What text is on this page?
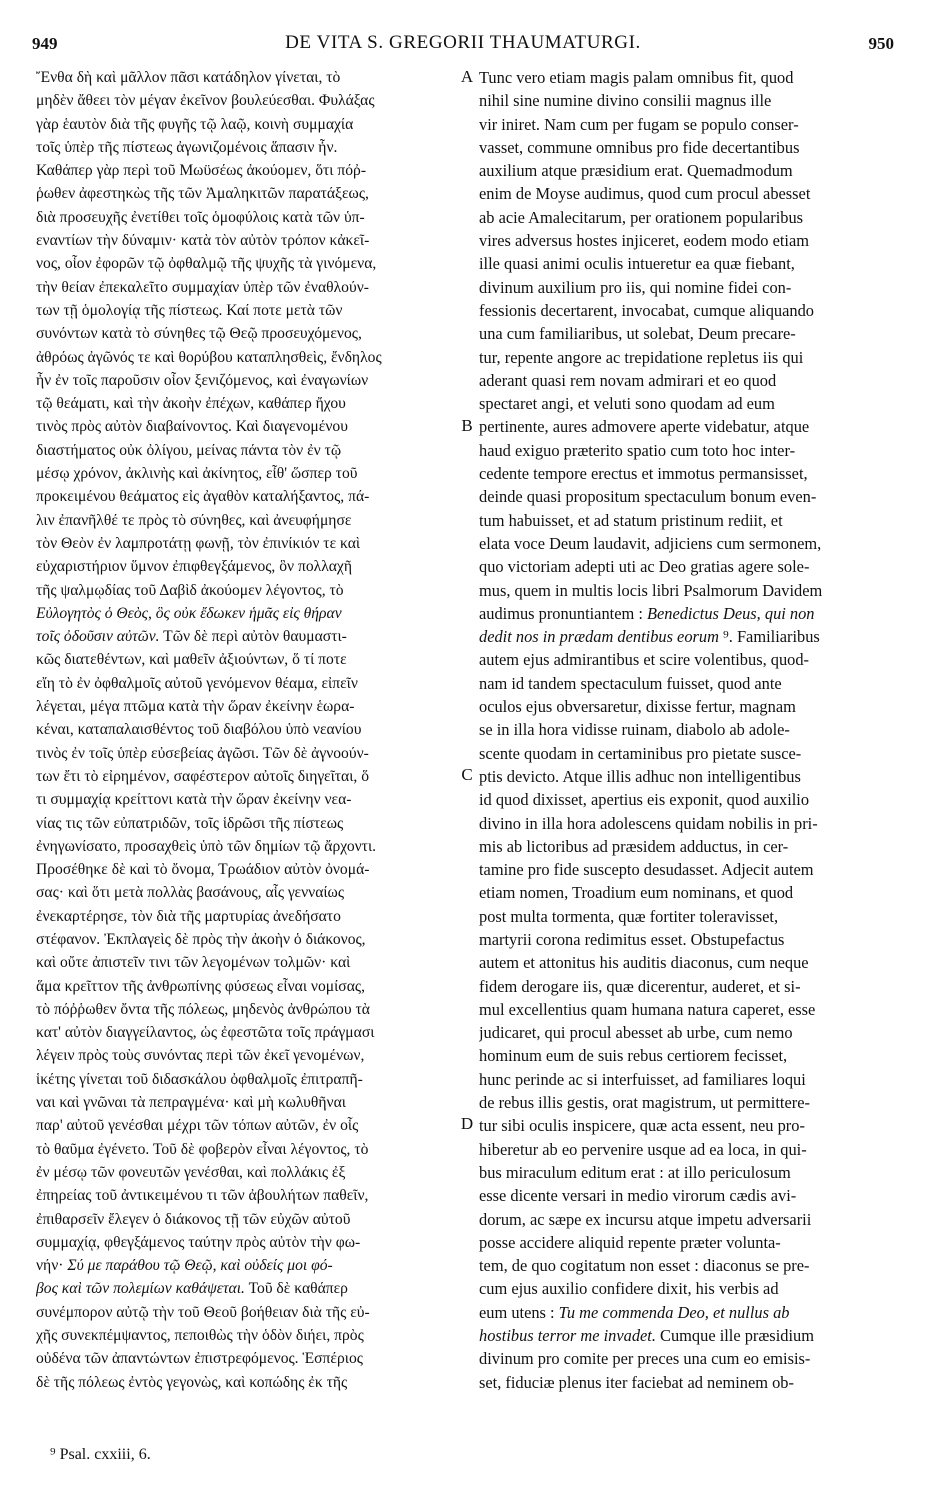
949	DE VITA S. GREGORII THAUMATURGI.	950
Ἔνθα δὴ καὶ μᾶλλον πᾶσι κατάδηλον γίνεται, τὸ
μηδὲν ἄθεει τὸν μέγαν ἐκεῖνον βουλεύεσθαι. Φυλάξας
γὰρ ἑαυτὸν διὰ τῆς φυγῆς τῷ λαῷ, κοινὴ συμμαχία
τοῖς ὑπὲρ τῆς πίστεως ἀγωνιζομένοις ἅπασιν ἦν.
Καθάπερ γὰρ περὶ τοῦ Μωϋσέως ἀκούομεν, ὅτι πόῤ-
ῥωθεν ἀφεστηκὼς τῆς τῶν Ἀμαληκιτῶν παρατάξεως,
διὰ προσευχῆς ἐνετίθει τοῖς ὁμοφύλοις κατὰ τῶν ὑπ-
εναντίων τὴν δύναμιν· κατὰ τὸν αὐτὸν τρόπον κἀκεῖ-
νος, οἷον ἐφορῶν τῷ ὀφθαλμῷ τῆς ψυχῆς τὰ γινόμενα,
τὴν θείαν ἐπεκαλεῖτο συμμαχίαν ὑπὲρ τῶν ἐναθλούν-
των τῇ ὁμολογίᾳ τῆς πίστεως. Καί ποτε μετὰ τῶν
συνόντων κατὰ τὸ σύνηθες τῷ Θεῷ προσευχόμενος,
ἀθρόως ἀγῶνός τε καὶ θορύβου καταπλησθεὶς, ἔνδηλος
ἦν ἐν τοῖς παροῦσιν οἷον ξενιζόμενος, καὶ ἐναγωνίων
τῷ θεάματι, καὶ τὴν ἀκοὴν ἐπέχων, καθάπερ ἤχου
τινὸς πρὸς αὐτὸν διαβαίνοντος. Καὶ διαγενομένου
διαστήματος οὐκ ὀλίγου, μείνας πάντα τὸν ἐν τῷ
μέσῳ χρόνον, ἀκλινὴς καὶ ἀκίνητος, εἶθ' ὥσπερ τοῦ
προκειμένου θεάματος εἰς ἀγαθὸν καταλήξαντος, πά-
λιν ἐπανῆλθέ τε πρὸς τὸ σύνηθες, καὶ ἀνευφήμησε
τὸν Θεὸν ἐν λαμπροτάτῃ φωνῇ, τὸν ἐπινίκιόν τε καὶ
εὐχαριστήριον ὕμνον ἐπιφθεγξάμενος, ὃν πολλαχῆ
τῆς ψαλμῳδίας τοῦ Δαβὶδ ἀκούομεν λέγοντος, τὸ
Εὐλογητὸς ὁ Θεὸς, ὃς οὐκ ἔδωκεν ἡμᾶς εἰς θήραν
τοῖς ὀδοῦσιν αὐτῶν. Τῶν δὲ περὶ αὐτὸν θαυμαστι-
κῶς διατεθέντων, καὶ μαθεῖν ἀξιούντων, ὅ τί ποτε
εἴη τὸ ἐν ὀφθαλμοῖς αὐτοῦ γενόμενον θέαμα, εἰπεῖν
λέγεται, μέγα πτῶμα κατὰ τὴν ὥραν ἐκείνην ἑωρα-
κέναι, καταπαλαισθέντος τοῦ διαβόλου ὑπὸ νεανίου
τινὸς ἐν τοῖς ὑπὲρ εὐσεβείας ἀγῶσι. Τῶν δὲ ἀγνοούν-
των ἔτι τὸ εἰρημένον, σαφέστερον αὐτοῖς διηγεῖται, ὅ
τι συμμαχίᾳ κρείττονι κατὰ τὴν ὥραν ἐκείνην νεα-
νίας τις τῶν εὐπατριδῶν, τοῖς ἱδρῶσι τῆς πίστεως
ἐνηγωνίσατο, προσαχθεὶς ὑπὸ τῶν δημίων τῷ ἄρχοντι.
Προσέθηκε δὲ καὶ τὸ ὄνομα, Τρωάδιον αὐτὸν ὀνομά-
σας· καὶ ὅτι μετὰ πολλὰς βασάνους, αἷς γενναίως
ἐνεκαρτέρησε, τὸν διὰ τῆς μαρτυρίας ἀνεδήσατο
στέφανον. Ἐκπλαγεὶς δὲ πρὸς τὴν ἀκοὴν ὁ διάκονος,
καὶ οὔτε ἀπιστεῖν τινι τῶν λεγομένων τολμῶν· καὶ
ἅμα κρεῖττον τῆς ἀνθρωπίνης φύσεως εἶναι νομίσας,
τὸ πόῤῥωθεν ὄντα τῆς πόλεως, μηδενὸς ἀνθρώπου τὰ
κατ' αὐτὸν διαγγείλαντος, ὡς ἐφεστῶτα τοῖς πράγμασι
λέγειν πρὸς τοὺς συνόντας περὶ τῶν ἐκεῖ γενομένων,
ἱκέτης γίνεται τοῦ διδασκάλου ὀφθαλμοῖς ἐπιτραπῆ-
ναι καὶ γνῶναι τὰ πεπραγμένα· καὶ μὴ κωλυθῆναι
παρ' αὐτοῦ γενέσθαι μέχρι τῶν τόπων αὐτῶν, ἐν οἷς
τὸ θαῦμα ἐγένετο. Τοῦ δὲ φοβερὸν εἶναι λέγοντος, τὸ
ἐν μέσῳ τῶν φονευτῶν γενέσθαι, καὶ πολλάκις ἐξ
ἐπηρείας τοῦ ἀντικειμένου τι τῶν ἀβουλήτων παθεῖν,
ἐπιθαρσεῖν ἔλεγεν ὁ διάκονος τῇ τῶν εὐχῶν αὐτοῦ
συμμαχίᾳ, φθεγξάμενος ταύτην πρὸς αὐτὸν τὴν φω-
νήν· Σύ με παράθου τῷ Θεῷ, καὶ οὐδείς μοι φό-
βος καὶ τῶν πολεμίων καθάψεται. Τοῦ δὲ καθάπερ
συνέμπορον αὐτῷ τὴν τοῦ Θεοῦ βοήθειαν διὰ τῆς εὐ-
χῆς συνεκπέμψαντος, πεποιθὼς τὴν ὁδὸν διήει, πρὸς
οὐδένα τῶν ἀπαντώντων ἐπιστρεφόμενος. Ἑσπέριος
δὲ τῆς πόλεως ἐντὸς γεγονὼς, καὶ κοπώδης ἐκ τῆς
Tunc vero etiam magis palam omnibus fit, quod
nihil sine numine divino consilii magnus ille
vir iniret. Nam cum per fugam se populo conser-
vasset, commune omnibus pro fide decertantibus
auxilium atque præsidium erat. Quemadmodum
enim de Moyse audimus, quod cum procul abesset
ab acie Amalecitarum, per orationem popularibus
vires adversus hostes injiceret, eodem modo etiam
ille quasi animi oculis intueretur ea quæ fiebant,
divinum auxilium pro iis, qui nomine fidei con-
fessionis decertarent, invocabat, cumque aliquando
una cum familiaribus, ut solebat, Deum precare-
tur, repente angore ac trepidatione repletus iis qui
aderant quasi rem novam admirari et eo quod
spectaret angi, et veluti sono quodam ad eum
pertinente, aures admovere aperte videbatur, atque
haud exiguo præterito spatio cum toto hoc inter-
cedente tempore erectus et immotus permansisset,
deinde quasi propositum spectaculum bonum even-
tum habuisset, et ad statum pristinum rediit, et
elata voce Deum laudavit, adjiciens cum sermonem,
quo victoriam adepti uti ac Deo gratias agere sole-
mus, quem in multis locis libri Psalmorum Davidem
audimus pronuntiantem : Benedictus Deus, qui non
dedit nos in prædam dentibus eorum ⁹. Familiaribus
autem ejus admirantibus et scire volentibus, quod-
nam id tandem spectaculum fuisset, quod ante
oculos ejus obversaretur, dixisse fertur, magnam
se in illa hora vidisse ruinam, diabolo ab adole-
scente quodam in certaminibus pro pietate susce-
ptis devicto. Atque illis adhuc non intelligentibus
id quod dixisset, apertius eis exponit, quod auxilio
divino in illa hora adolescens quidam nobilis in pri-
mis ab lictoribus ad præsidem adductus, in cer-
tamine pro fide suscepto desudasset. Adjecit autem
etiam nomen, Troadium eum nominans, et quod
post multa tormenta, quæ fortiter toleravisset,
martyrii corona redimitus esset. Obstupefactus
autem et attonitus his auditis diaconus, cum neque
fidem derogare iis, quæ dicerentur, auderet, et si-
mul excellentius quam humana natura caperet, esse
judicaret, qui procul abesset ab urbe, cum nemo
hominum eum de suis rebus certiorem fecisset,
hunc perinde ac si interfuisset, ad familiares loqui
de rebus illis gestis, orat magistrum, ut permittere-
tur sibi oculis inspicere, quæ acta essent, neu pro-
hiberetur ab eo pervenire usque ad ea loca, in qui-
bus miraculum editum erat : at illo periculosum
esse dicente versari in medio virorum cædis avi-
dorum, ac sæpe ex incursu atque impetu adversarii
posse accidere aliquid repente præter volunta-
tem, de quo cogitatum non esset : diaconus se pre-
cum ejus auxilio confidere dixit, his verbis ad
eum utens : Tu me commenda Deo, et nullus ab
hostibus terror me invadet. Cumque ille præsidium
divinum pro comite per preces una cum eo emisis-
set, fiduciæ plenus iter faciebat ad neminem ob-
A
B
C
D
⁹ Psal. cxxiii, 6.
